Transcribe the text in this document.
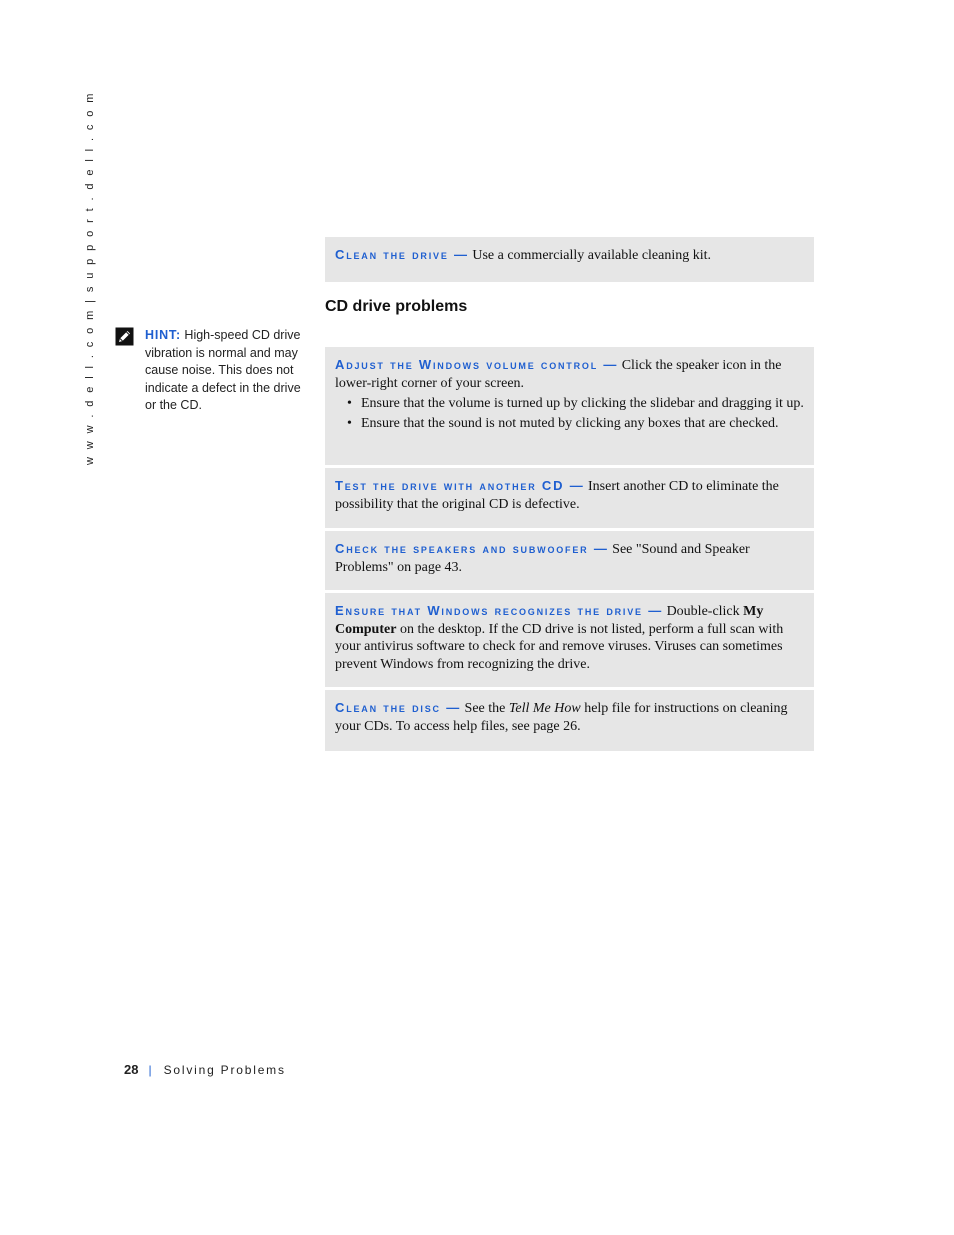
w w w . d e l l . c o m | s u p p o r t . d e l l . c o m	HINT: High-speed CD drive vibration is normal and may cause noise. This does not indicate a defect in the drive or the CD.
Clean the drive — Use a commercially available cleaning kit.
CD drive problems
Adjust the Windows volume control — Click the speaker icon in the lower-right corner of your screen.
• Ensure that the volume is turned up by clicking the slidebar and dragging it up.
• Ensure that the sound is not muted by clicking any boxes that are checked.
Test the drive with another CD — Insert another CD to eliminate the possibility that the original CD is defective.
Check the speakers and subwoofer — See "Sound and Speaker Problems" on page 43.
Ensure that Windows recognizes the drive — Double-click My Computer on the desktop. If the CD drive is not listed, perform a full scan with your antivirus software to check for and remove viruses. Viruses can sometimes prevent Windows from recognizing the drive.
Clean the disc — See the Tell Me How help file for instructions on cleaning your CDs. To access help files, see page 26.
28 | Solving Problems
